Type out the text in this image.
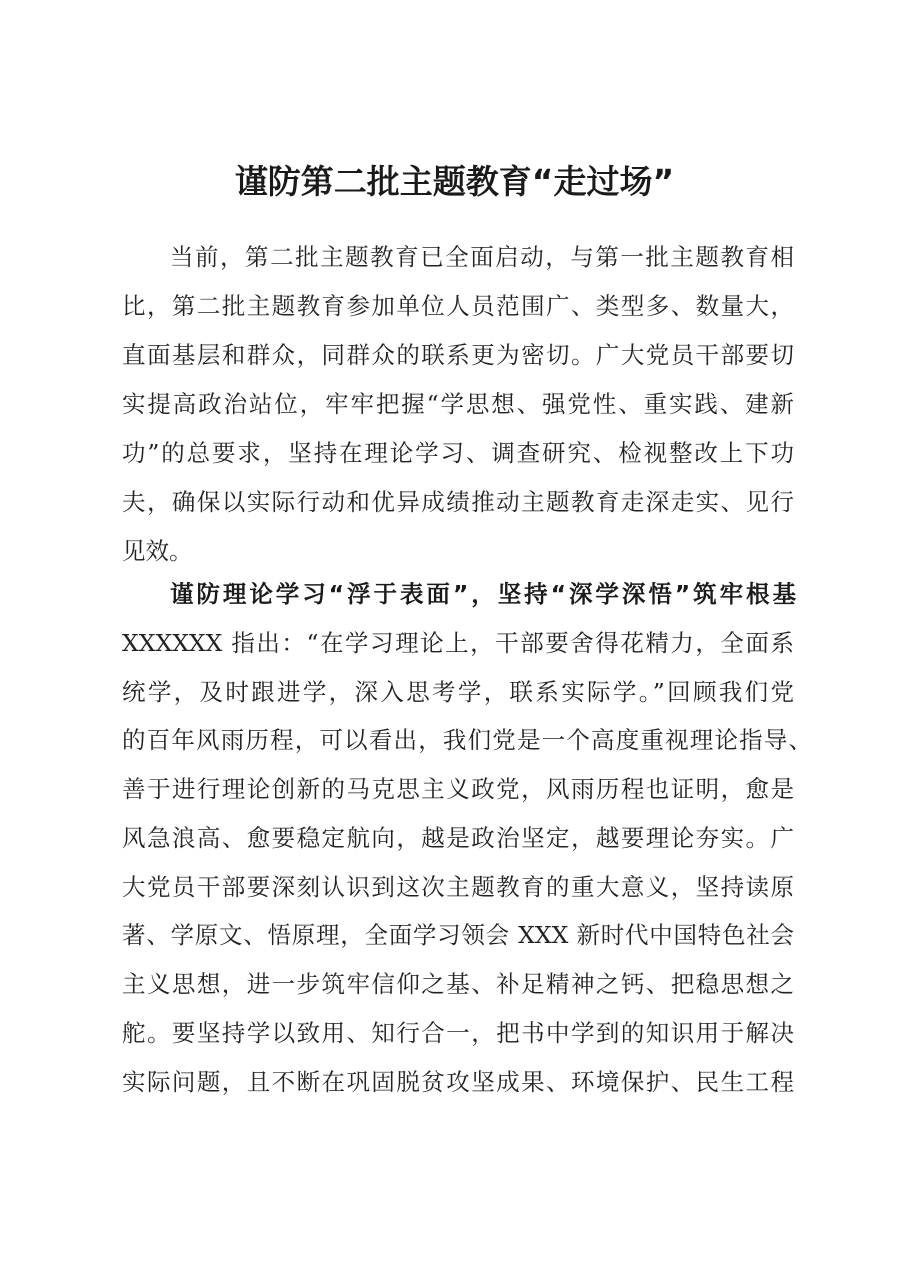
谨防第二批主题教育“走过场”
当前，第二批主题教育已全面启动，与第一批主题教育相
比，第二批主题教育参加单位人员范围广、类型多、数量大，
直面基层和群众，同群众的联系更为密切。广大党员干部要切
实提高政治站位，牢牢把握“学思想、强党性、重实践、建新
功”的总要求，坚持在理论学习、调查研究、检视整改上下功
夫，确保以实际行动和优异成绩推动主题教育走深走实、见行
见效。
谨防理论学习“浮于表面”，坚持“深学深悟”筑牢根基
XXXXXX 指出：“在学习理论上，干部要舍得花精力，全面系
统学，及时跟进学，深入思考学，联系实际学。”回顾我们党
的百年风雨历程，可以看出，我们党是一个高度重视理论指导、
善于进行理论创新的马克思主义政党，风雨历程也证明，愈是
风急浪高、愈要稳定航向，越是政治坚定，越要理论夯实。广
大党员干部要深刻认识到这次主题教育的重大意义，坚持读原
著、学原文、悟原理，全面学习领会 XXX 新时代中国特色社会
主义思想，进一步筑牢信仰之基、补足精神之钙、把稳思想之
舵。要坚持学以致用、知行合一，把书中学到的知识用于解决
实际问题，且不断在巩固脱贫攻坚成果、环境保护、民生工程
